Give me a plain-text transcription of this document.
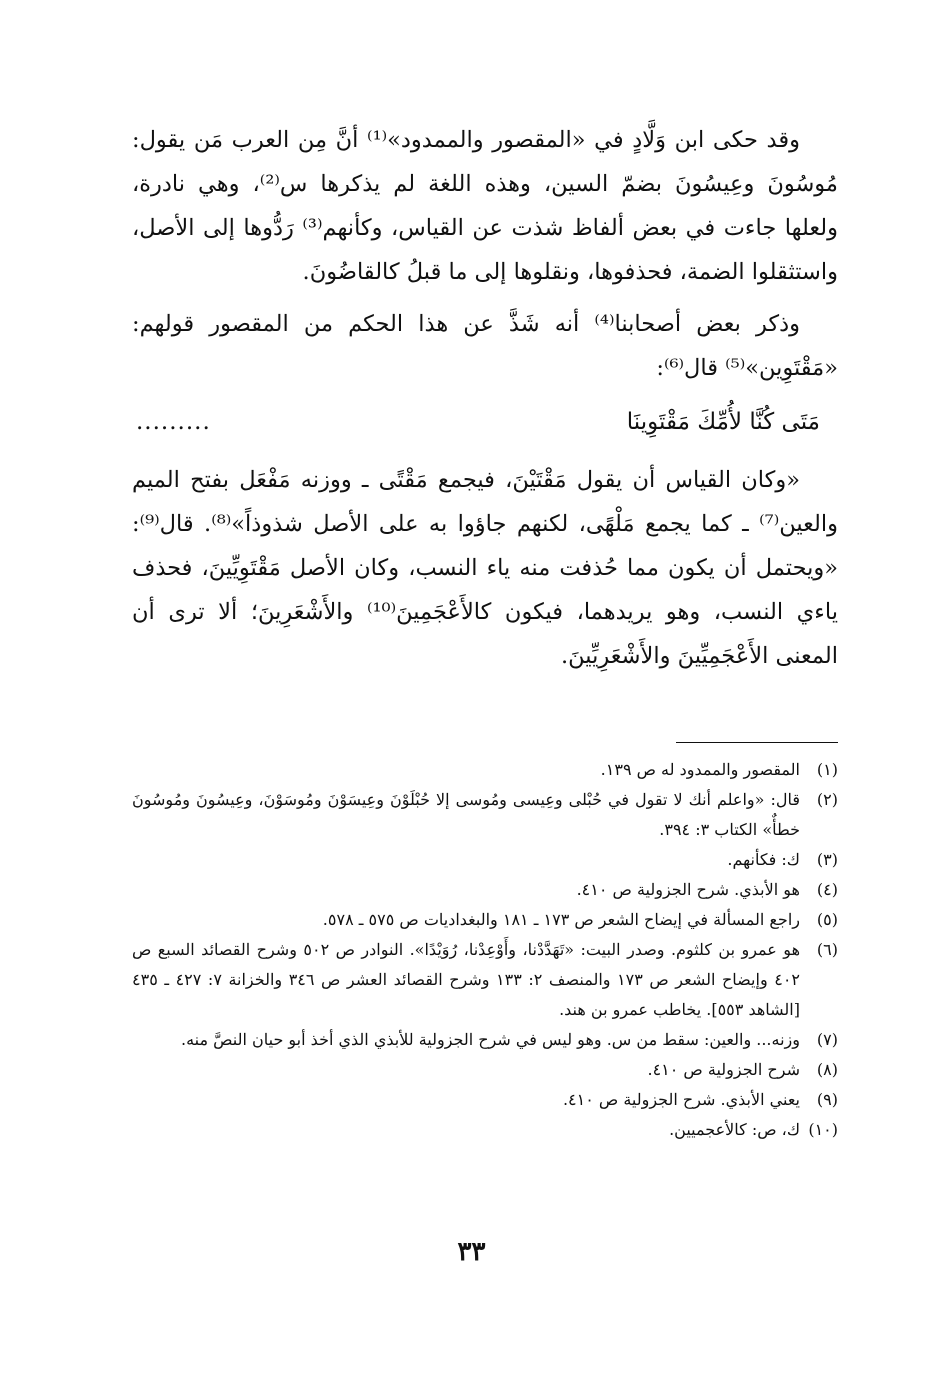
وقد حكى ابن وَلَّادٍ في «المقصور والممدود»⁽¹⁾ أنَّ مِن العرب مَن يقول: مُوسُونَ وعِيسُونَ بضمّ السين، وهذه اللغة لم يذكرها س⁽²⁾، وهي نادرة، ولعلها جاءت في بعض ألفاظ شذت عن القياس، وكأنهم⁽³⁾ رَدُّوها إلى الأصل، واستثقلوا الضمة، فحذفوها، ونقلوها إلى ما قبلُ كالقاضُونَ.

وذكر بعض أصحابنا⁽⁴⁾ أنه شَذَّ عن هذا الحكم من المقصور قولهم: «مَقْتَوِين»⁽⁵⁾ قال⁽⁶⁾:

مَتَى كُنَّا لأُمِّكَ مَقْتَوِينَا
.........

«وكان القياس أن يقول مَقْتَيْنَ، فيجمع مَقْتًى ـ ووزنه مَفْعَل بفتح الميم والعين⁽⁷⁾ ـ كما يجمع مَلْهًى، لكنهم جاؤوا به على الأصل شذوذاً»⁽⁸⁾. قال⁽⁹⁾: «ويحتمل أن يكون مما حُذفت منه ياء النسب، وكان الأصل مَقْتَوِيِّينَ، فحذف ياءي النسب، وهو يريدهما، فيكون كالأَعْجَمِينَ⁽¹⁰⁾ والأَشْعَرِينَ؛ ألا ترى أن المعنى الأَعْجَمِيِّينَ والأَشْعَرِيِّينَ.

(١)
المقصور والممدود له ص ١٣٩.
(٢)
قال: «واعلم أنك لا تقول في حُبْلى وعِيسى ومُوسى إلا حُبْلَوْنَ وعِيسَوْنَ ومُوسَوْنَ، وعِيسُونَ ومُوسُونَ خطأٌ» الكتاب ٣: ٣٩٤.
(٣)
ك: فكأنهم.
(٤)
هو الأبذي. شرح الجزولية ص ٤١٠.
(٥)
راجع المسألة في إيضاح الشعر ص ١٧٣ ـ ١٨١ والبغداديات ص ٥٧٥ ـ ٥٧٨.
(٦)
هو عمرو بن كلثوم. وصدر البيت: «تَهَدَّدْنا، وأَوْعِدْنا، رُوَيْدًا». النوادر ص ٥٠٢ وشرح القصائد السبع ص ٤٠٢ وإيضاح الشعر ص ١٧٣ والمنصف ٢: ١٣٣ وشرح القصائد العشر ص ٣٤٦ والخزانة ٧: ٤٢٧ ـ ٤٣٥ [الشاهد ٥٥٣]. يخاطب عمرو بن هند.
(٧)
وزنه... والعين: سقط من س. وهو ليس في شرح الجزولية للأبذي الذي أخذ أبو حيان النصَّ منه.
(٨)
شرح الجزولية ص ٤١٠.
(٩)
يعني الأبذي. شرح الجزولية ص ٤١٠.
(١٠)
ك، ص: كالأعجميين.
٣٣
